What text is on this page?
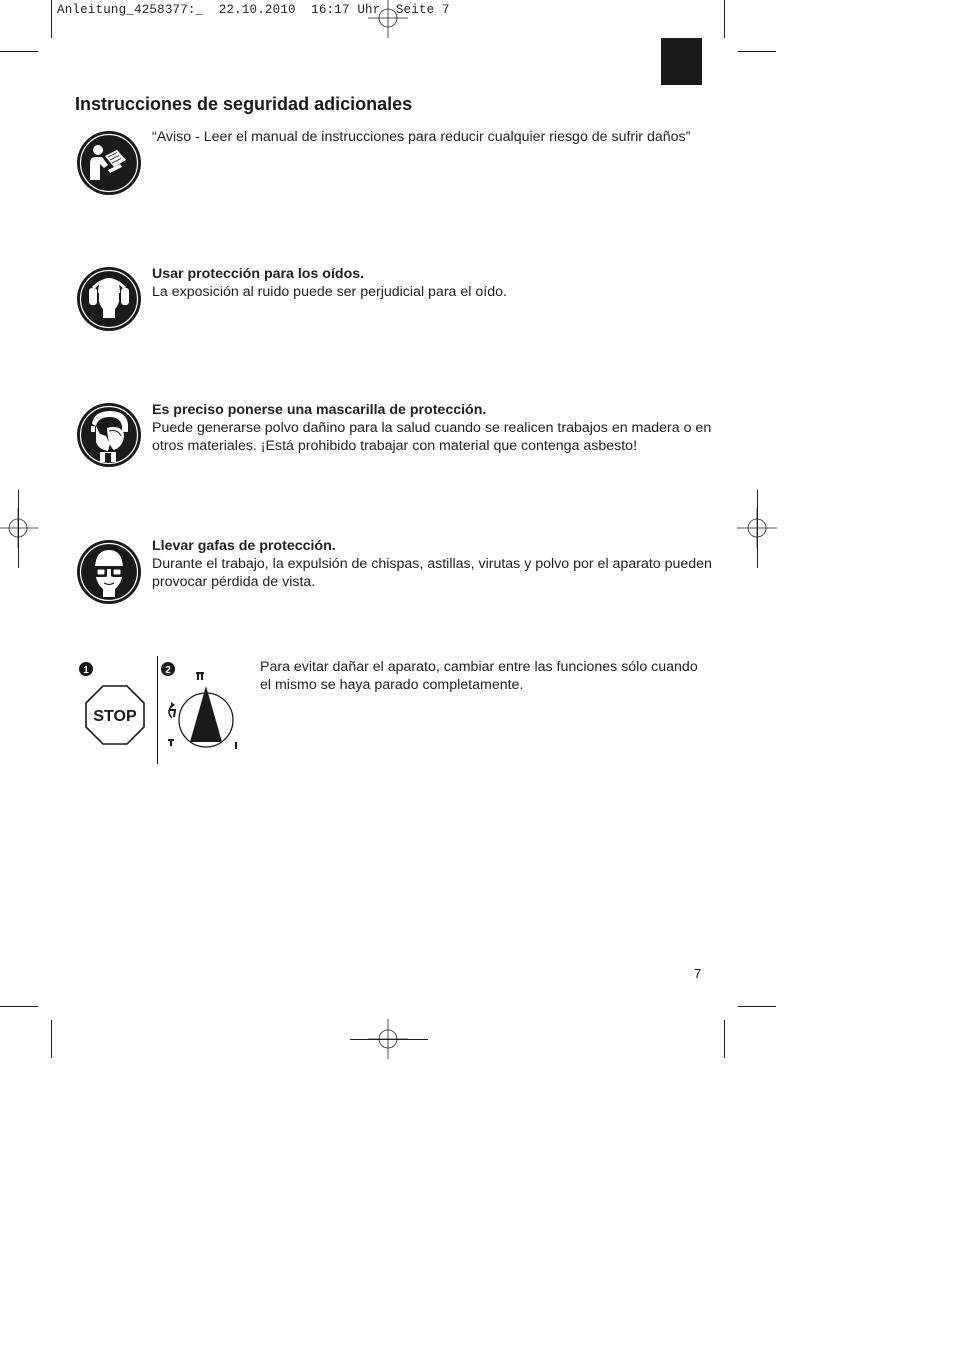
Anleitung_4258377:_  22.10.2010  16:17 Uhr  Seite 7
ES
Instrucciones de seguridad adicionales
“Aviso - Leer el manual de instrucciones para reducir cualquier riesgo de sufrir daños”
Usar protección para los oídos.
La exposición al ruido puede ser perjudicial para el oído.
Es preciso ponerse una mascarilla de protección.
Puede generarse polvo dañino para la salud cuando se realicen trabajos en madera o en otros materiales. ¡Está prohibido trabajar con material que contenga asbesto!
Llevar gafas de protección.
Durante el trabajo, la expulsión de chispas, astillas, virutas y polvo por el aparato pueden provocar pérdida de vista.
1
STOP
2	Para evitar dañar el aparato, cambiar entre las funciones sólo cuando el mismo se haya parado completamente.
7
